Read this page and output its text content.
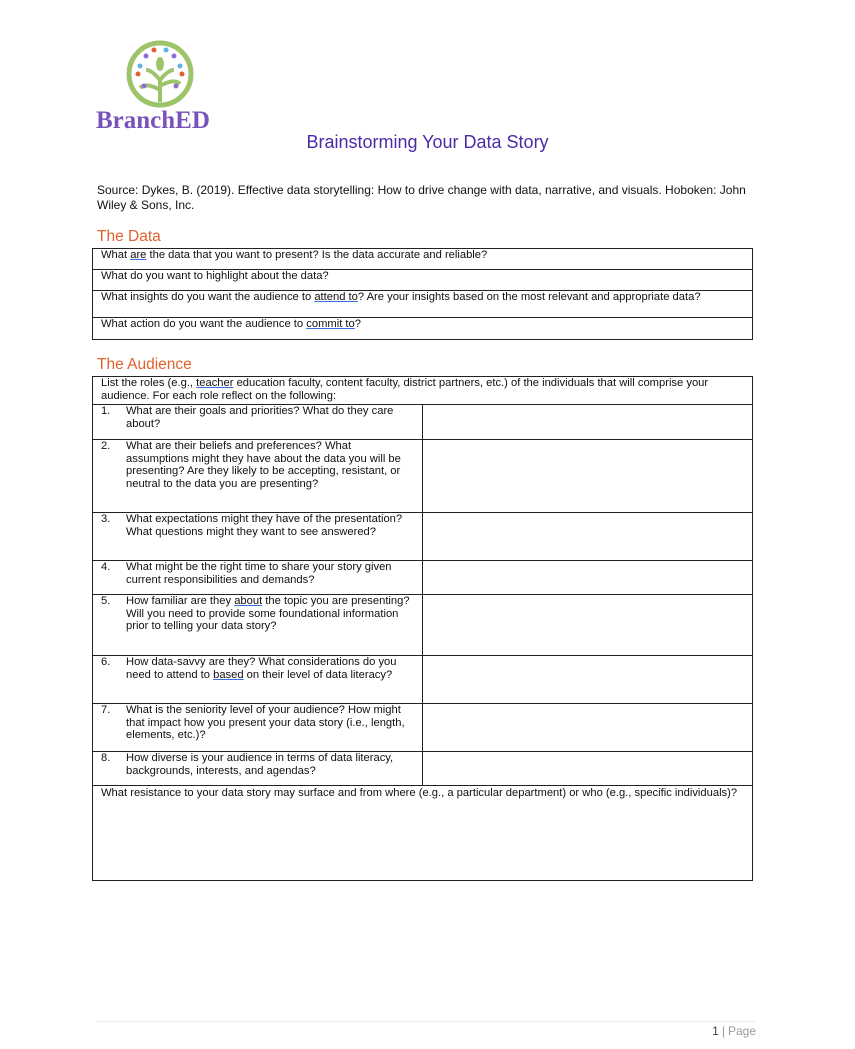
BranchED
Brainstorming Your Data Story
Source: Dykes, B. (2019). Effective data storytelling: How to drive change with data, narrative, and visuals. Hoboken: John Wiley & Sons, Inc.
The Data
What are the data that you want to present? Is the data accurate and reliable?
What do you want to highlight about the data?
What insights do you want the audience to attend to? Are your insights based on the most relevant and appropriate data?
What action do you want the audience to commit to?
The Audience
List the roles (e.g., teacher education faculty, content faculty, district partners, etc.) of the individuals that will comprise your audience. For each role reflect on the following:	

1. What are their goals and priorities? What do they care about?	

2. What are their beliefs and preferences? What assumptions might they have about the data you will be presenting? Are they likely to be accepting, resistant, or neutral to the data you are presenting?	

3. What expectations might they have of the presentation? What questions might they want to see answered?	

4. What might be the right time to share your story given current responsibilities and demands?	

5. How familiar are they about the topic you are presenting? Will you need to provide some foundational information prior to telling your data story?	

6. How data-savvy are they? What considerations do you need to attend to based on their level of data literacy?	

7. What is the seniority level of your audience? How might that impact how you present your data story (i.e., length, elements, etc.)?	

8. How diverse is your audience in terms of data literacy, backgrounds, interests, and agendas?	

What resistance to your data story may surface and from where (e.g., a particular department) or who (e.g., specific individuals)?	
1 | Page
